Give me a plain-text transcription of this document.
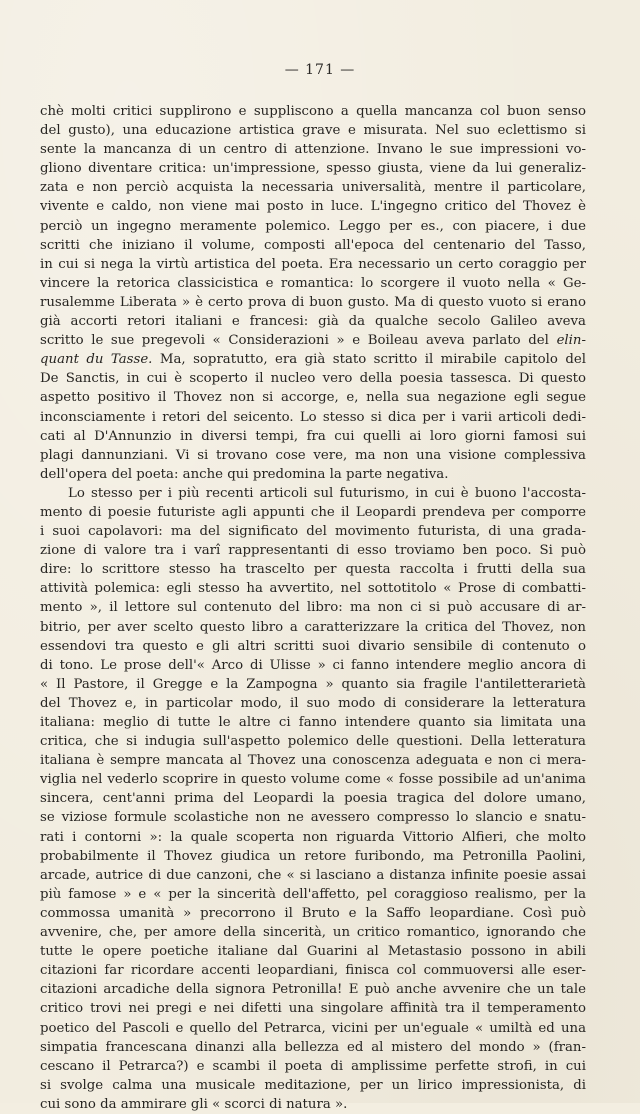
— 171 —
chè molti critici supplirono e suppliscono a quella mancanza col buon senso
del gusto), una educazione artistica grave e misurata. Nel suo eclettismo si
sente la mancanza di un centro di attenzione. Invano le sue impressioni vo-
gliono diventare critica: un'impressione, spesso giusta, viene da lui generaliz-
zata e non perciò acquista la necessaria universalità, mentre il particolare,
vivente e caldo, non viene mai posto in luce. L'ingegno critico del Thovez è
perciò un ingegno meramente polemico. Leggo per es., con piacere, i due
scritti che iniziano il volume, composti all'epoca del centenario del Tasso,
in cui si nega la virtù artistica del poeta. Era necessario un certo coraggio per
vincere la retorica classicistica e romantica: lo scorgere il vuoto nella « Ge-
rusalemme Liberata » è certo prova di buon gusto. Ma di questo vuoto si erano
già accorti retori italiani e francesi: già da qualche secolo Galileo aveva
scritto le sue pregevoli « Considerazioni » e Boileau aveva parlato del elin-
quant du Tasse. Ma, sopratutto, era già stato scritto il mirabile capitolo del
De Sanctis, in cui è scoperto il nucleo vero della poesia tassesca. Di questo
aspetto positivo il Thovez non si accorge, e, nella sua negazione egli segue
inconsciamente i retori del seicento. Lo stesso si dica per i varii articoli dedi-
cati al D'Annunzio in diversi tempi, fra cui quelli ai loro giorni famosi sui
plagi dannunziani. Vi si trovano cose vere, ma non una visione complessiva
dell'opera del poeta: anche qui predomina la parte negativa.
Lo stesso per i più recenti articoli sul futurismo, in cui è buono l'accosta-
mento di poesie futuriste agli appunti che il Leopardi prendeva per comporre
i suoi capolavori: ma del significato del movimento futurista, di una grada-
zione di valore tra i varî rappresentanti di esso troviamo ben poco. Si può
dire: lo scrittore stesso ha trascelto per questa raccolta i frutti della sua
attività polemica: egli stesso ha avvertito, nel sottotitolo « Prose di combatti-
mento », il lettore sul contenuto del libro: ma non ci si può accusare di ar-
bitrio, per aver scelto questo libro a caratterizzare la critica del Thovez, non
essendovi tra questo e gli altri scritti suoi divario sensibile di contenuto o
di tono. Le prose dell'« Arco di Ulisse » ci fanno intendere meglio ancora di
« Il Pastore, il Gregge e la Zampogna » quanto sia fragile l'antiletterarietà
del Thovez e, in particolar modo, il suo modo di considerare la letteratura
italiana: meglio di tutte le altre ci fanno intendere quanto sia limitata una
critica, che si indugia sull'aspetto polemico delle questioni. Della letteratura
italiana è sempre mancata al Thovez una conoscenza adeguata e non ci mera-
viglia nel vederlo scoprire in questo volume come « fosse possibile ad un'anima
sincera, cent'anni prima del Leopardi la poesia tragica del dolore umano,
se viziose formule scolastiche non ne avessero compresso lo slancio e snatu-
rati i contorni »: la quale scoperta non riguarda Vittorio Alfieri, che molto
probabilmente il Thovez giudica un retore furibondo, ma Petronilla Paolini,
arcade, autrice di due canzoni, che « si lasciano a distanza infinite poesie assai
più famose » e « per la sincerità dell'affetto, pel coraggioso realismo, per la
commossa umanità » precorrono il Bruto e la Saffo leopardiane. Così può
avvenire, che, per amore della sincerità, un critico romantico, ignorando che
tutte le opere poetiche italiane dal Guarini al Metastasio possono in abili
citazioni far ricordare accenti leopardiani, finisca col commuoversi alle eser-
citazioni arcadiche della signora Petronilla! E può anche avvenire che un tale
critico trovi nei pregi e nei difetti una singolare affinità tra il temperamento
poetico del Pascoli e quello del Petrarca, vicini per un'eguale « umiltà ed una
simpatia francescana dinanzi alla bellezza ed al mistero del mondo » (fran-
cescano il Petrarca?) e scambi il poeta di amplissime perfette strofi, in cui
si svolge calma una musicale meditazione, per un lirico impressionista, di
cui sono da ammirare gli « scorci di natura ».
